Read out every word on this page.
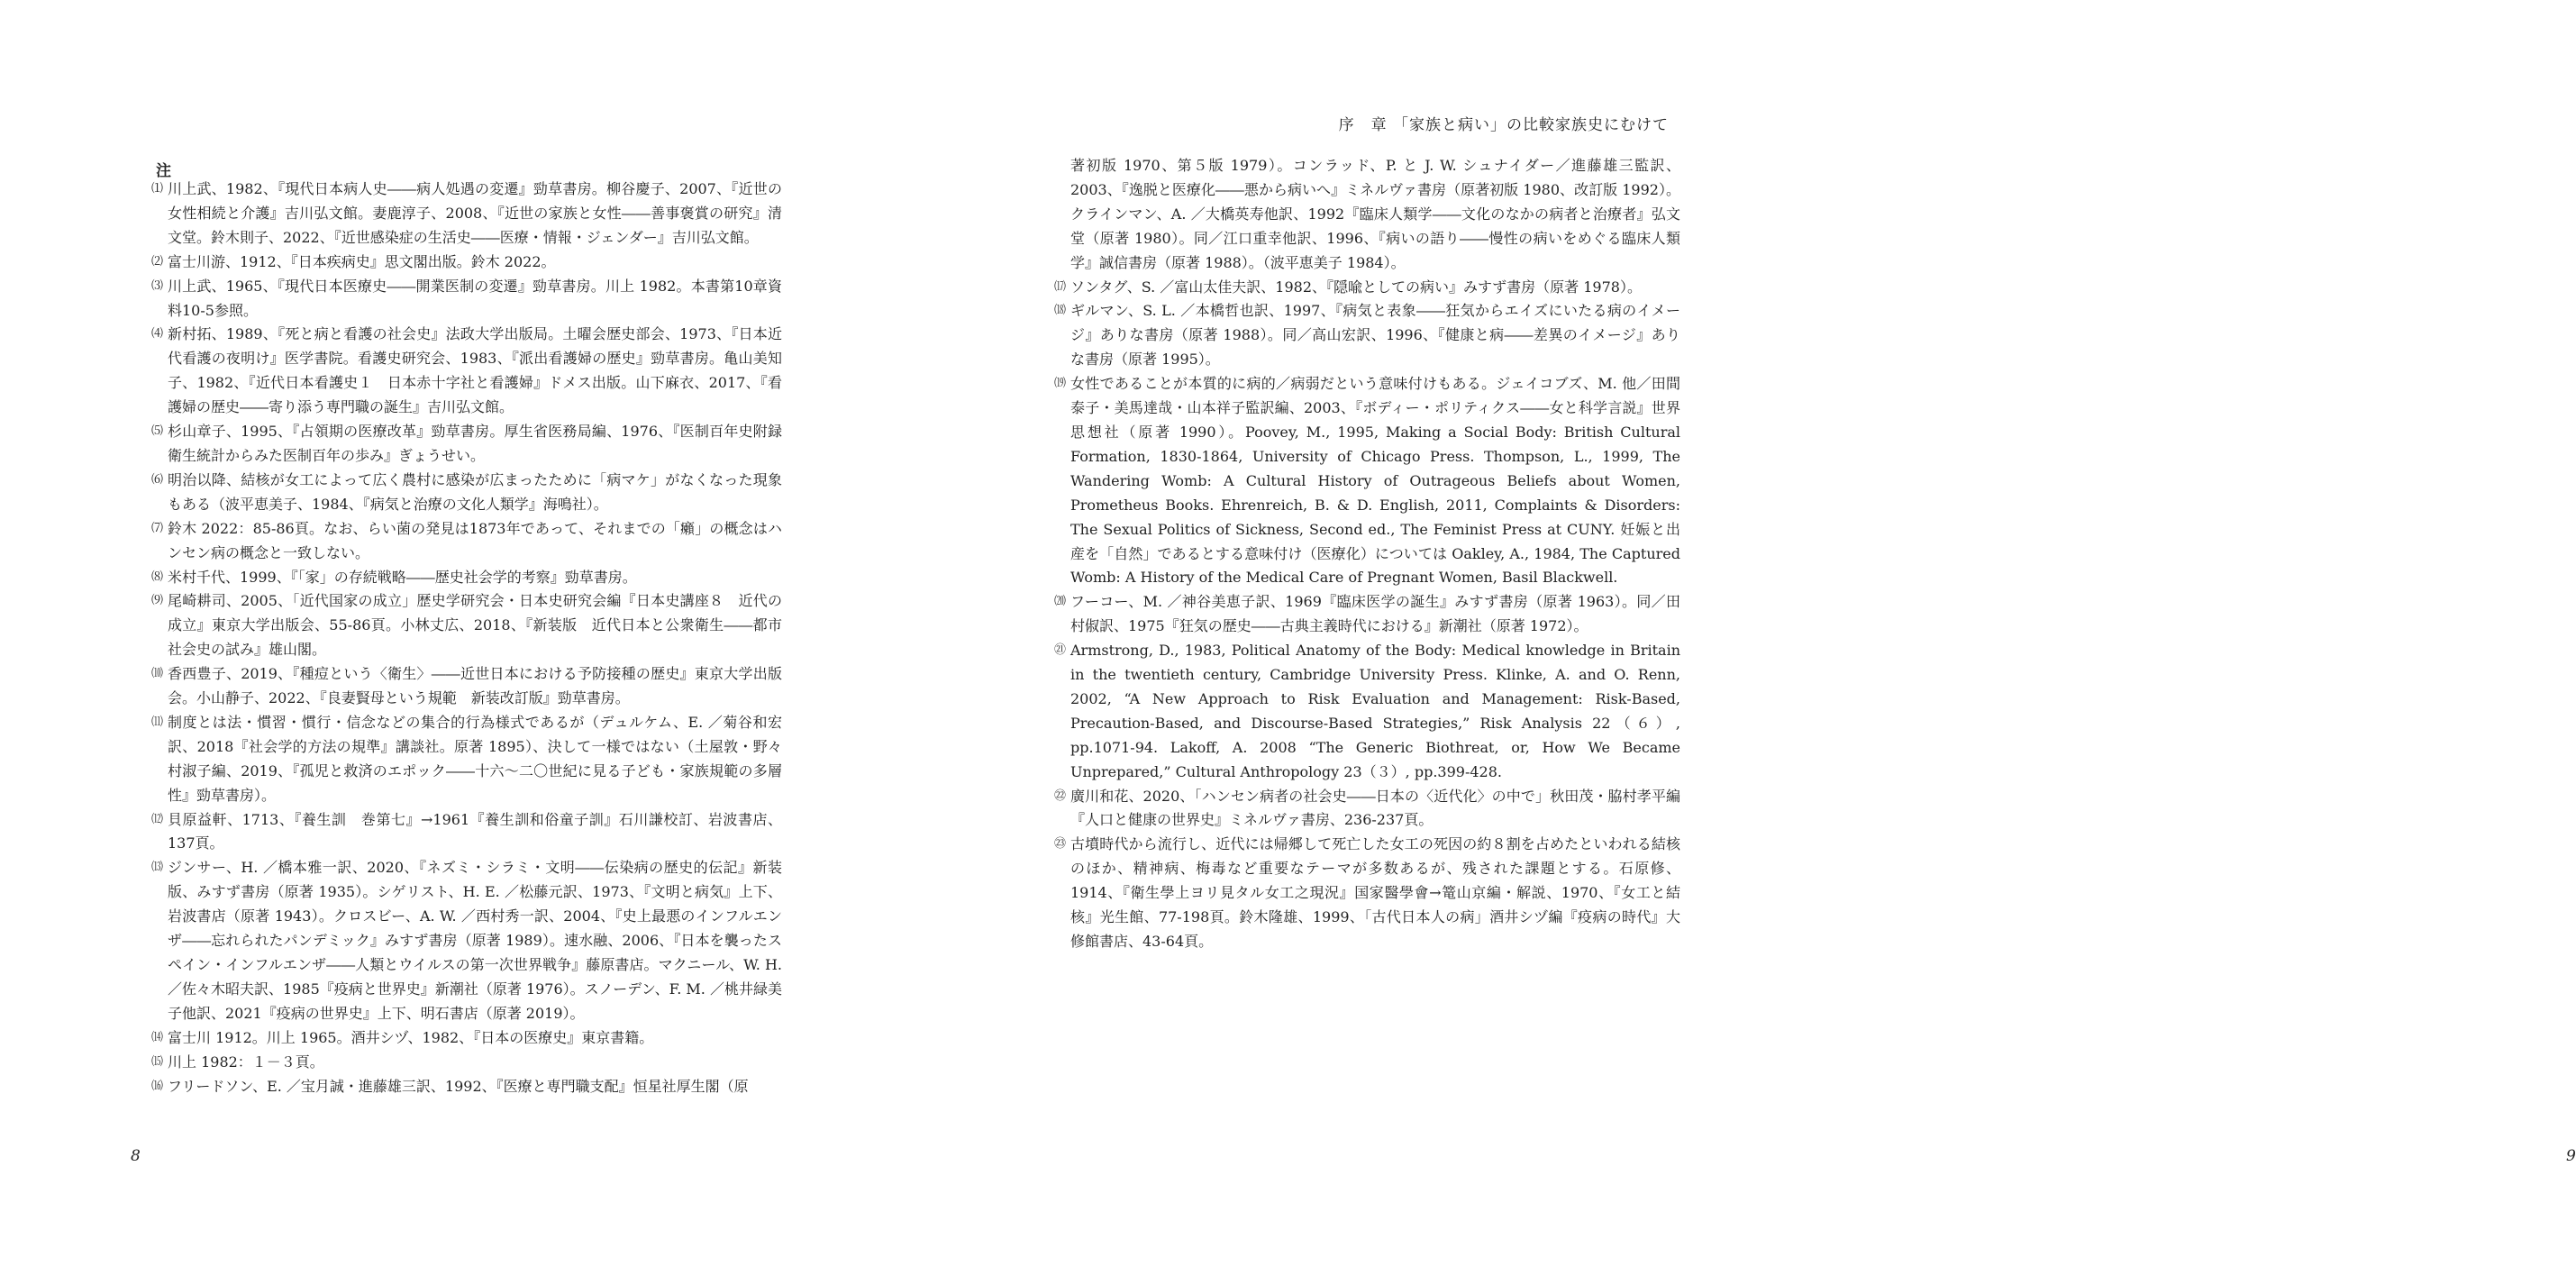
注
⑴ 川上武、1982、『現代日本病人史――病人処遇の変遷』勁草書房。柳谷慶子、2007、『近世の女性相続と介護』吉川弘文館。妻鹿淳子、2008、『近世の家族と女性――善事褒賞の研究』清文堂。鈴木則子、2022、『近世感染症の生活史――医療・情報・ジェンダー』吉川弘文館。
⑵ 富士川游、1912、『日本疾病史』思文閣出版。鈴木 2022。
⑶ 川上武、1965、『現代日本医療史――開業医制の変遷』勁草書房。川上 1982。本書第10章資料10-5参照。
⑷ 新村拓、1989、『死と病と看護の社会史』法政大学出版局。土曜会歴史部会、1973、『日本近代看護の夜明け』医学書院。看護史研究会、1983、『派出看護婦の歴史』勁草書房。亀山美知子、1982、『近代日本看護史１　日本赤十字社と看護婦』ドメス出版。山下麻衣、2017、『看護婦の歴史――寄り添う専門職の誕生』吉川弘文館。
⑸ 杉山章子、1995、『占領期の医療改革』勁草書房。厚生省医務局編、1976、『医制百年史附録　衛生統計からみた医制百年の歩み』ぎょうせい。
⑹ 明治以降、結核が女工によって広く農村に感染が広まったために「病マケ」がなくなった現象もある（波平恵美子、1984、『病気と治療の文化人類学』海鳴社）。
⑺ 鈴木 2022：85-86頁。なお、らい菌の発見は1873年であって、それまでの「癩」の概念はハンセン病の概念と一致しない。
⑻ 米村千代、1999、『「家」の存続戦略――歴史社会学的考察』勁草書房。
⑼ 尾崎耕司、2005、「近代国家の成立」歴史学研究会・日本史研究会編『日本史講座８　近代の成立』東京大学出版会、55-86頁。小林丈広、2018、『新装版　近代日本と公衆衛生――都市社会史の試み』雄山閣。
⑽ 香西豊子、2019、『種痘という〈衛生〉――近世日本における予防接種の歴史』東京大学出版会。小山静子、2022、『良妻賢母という規範　新装改訂版』勁草書房。
⑾ 制度とは法・慣習・慣行・信念などの集合的行為様式であるが（デュルケム、E. ／菊谷和宏訳、2018『社会学的方法の規準』講談社。原著 1895）、決して一様ではない（土屋敦・野々村淑子編、2019、『孤児と救済のエポック――十六～二〇世紀に見る子ども・家族規範の多層性』勁草書房）。
⑿ 貝原益軒、1713、『養生訓　巻第七』→1961『養生訓和俗童子訓』石川謙校訂、岩波書店、137頁。
⒀ ジンサー、H. ／橋本雅一訳、2020、『ネズミ・シラミ・文明――伝染病の歴史的伝記』新装版、みすず書房（原著 1935）。シゲリスト、H. E. ／松藤元訳、1973、『文明と病気』上下、岩波書店（原著 1943）。クロスビー、A. W. ／西村秀一訳、2004、『史上最悪のインフルエンザ――忘れられたパンデミック』みすず書房（原著 1989）。速水融、2006、『日本を襲ったスペイン・インフルエンザ――人類とウイルスの第一次世界戦争』藤原書店。マクニール、W. H. ／佐々木昭夫訳、1985『疫病と世界史』新潮社（原著 1976）。スノーデン、F. M. ／桃井緑美子他訳、2021『疫病の世界史』上下、明石書店（原著 2019）。
⒁ 富士川 1912。川上 1965。酒井シヅ、1982、『日本の医療史』東京書籍。
⒂ 川上 1982：１－３頁。
⒃ フリードソン、E. ／宝月誠・進藤雄三訳、1992、『医療と専門職支配』恒星社厚生閣（原
8
序　章 「家族と病い」の比較家族史にむけて
9
著初版 1970、第５版 1979）。コンラッド、P. と J. W. シュナイダー／進藤雄三監訳、2003、『逸脱と医療化――悪から病いへ』ミネルヴァ書房（原著初版 1980、改訂版 1992）。クラインマン、A. ／大橋英寿他訳、1992『臨床人類学――文化のなかの病者と治療者』弘文堂（原著 1980）。同／江口重幸他訳、1996、『病いの語り――慢性の病いをめぐる臨床人類学』誠信書房（原著 1988）。（波平恵美子 1984）。
⒄ ソンタグ、S. ／富山太佳夫訳、1982、『隠喩としての病い』みすず書房（原著 1978）。
⒅ ギルマン、S. L. ／本橋哲也訳、1997、『病気と表象――狂気からエイズにいたる病のイメージ』ありな書房（原著 1988）。同／高山宏訳、1996、『健康と病――差異のイメージ』ありな書房（原著 1995）。
⒆ 女性であることが本質的に病的／病弱だという意味付けもある。ジェイコブズ、M. 他／田間泰子・美馬達哉・山本祥子監訳編、2003、『ボディー・ポリティクス――女と科学言説』世界思想社（原著 1990）。Poovey, M., 1995, Making a Social Body: British Cultural Formation, 1830-1864, University of Chicago Press. Thompson, L., 1999, The Wandering Womb: A Cultural History of Outrageous Beliefs about Women, Prometheus Books. Ehrenreich, B. & D. English, 2011, Complaints & Disorders: The Sexual Politics of Sickness, Second ed., The Feminist Press at CUNY. 妊娠と出産を「自然」であるとする意味付け（医療化）については Oakley, A., 1984, The Captured Womb: A History of the Medical Care of Pregnant Women, Basil Blackwell.
⒇ フーコー、M. ／神谷美恵子訳、1969『臨床医学の誕生』みすず書房（原著 1963）。同／田村俶訳、1975『狂気の歴史――古典主義時代における』新潮社（原著 1972）。
㉑ Armstrong, D., 1983, Political Anatomy of the Body: Medical knowledge in Britain in the twentieth century, Cambridge University Press. Klinke, A. and O. Renn, 2002, “A New Approach to Risk Evaluation and Management: Risk-Based, Precaution-Based, and Discourse-Based Strategies,” Risk Analysis 22（６）, pp.1071-94. Lakoff, A. 2008 “The Generic Biothreat, or, How We Became Unprepared,” Cultural Anthropology 23（３）, pp.399-428.
㉒ 廣川和花、2020、「ハンセン病者の社会史――日本の〈近代化〉の中で」秋田茂・脇村孝平編『人口と健康の世界史』ミネルヴァ書房、236-237頁。
㉓ 古墳時代から流行し、近代には帰郷して死亡した女工の死因の約８割を占めたといわれる結核のほか、精神病、梅毒など重要なテーマが多数あるが、残された課題とする。石原修、1914、『衛生學上ヨリ見タル女工之現況』国家醫學會→篭山京編・解説、1970、『女工と結核』光生館、77-198頁。鈴木隆雄、1999、「古代日本人の病」酒井シヅ編『疫病の時代』大修館書店、43-64頁。
